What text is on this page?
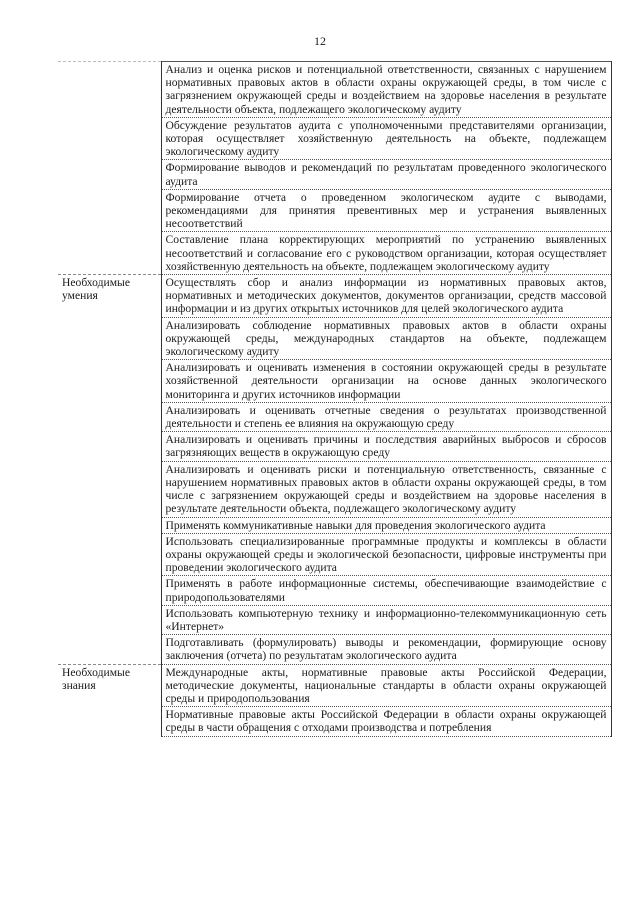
12
	Анализ и оценка рисков и потенциальной ответственности, связанных с нарушением нормативных правовых актов в области охраны окружающей среды, в том числе с загрязнением окружающей среды и воздействием на здоровье населения в результате деятельности объекта, подлежащего экологическому аудиту
	Обсуждение результатов аудита с уполномоченными представителями организации, которая осуществляет хозяйственную деятельность на объекте, подлежащем экологическому аудиту
	Формирование выводов и рекомендаций по результатам проведенного экологического аудита
	Формирование отчета о проведенном экологическом аудите с выводами, рекомендациями для принятия превентивных мер и устранения выявленных несоответствий
	Составление плана корректирующих мероприятий по устранению выявленных несоответствий и согласование его с руководством организации, которая осуществляет хозяйственную деятельность на объекте, подлежащем экологическому аудиту
Необходимые умения	Осуществлять сбор и анализ информации из нормативных правовых актов, нормативных и методических документов, документов организации, средств массовой информации и из других открытых источников для целей экологического аудита
	Анализировать соблюдение нормативных правовых актов в области охраны окружающей среды, международных стандартов на объекте, подлежащем экологическому аудиту
	Анализировать и оценивать изменения в состоянии окружающей среды в результате хозяйственной деятельности организации на основе данных экологического мониторинга и других источников информации
	Анализировать и оценивать отчетные сведения о результатах производственной деятельности и степень ее влияния на окружающую среду
	Анализировать и оценивать причины и последствия аварийных выбросов и сбросов загрязняющих веществ в окружающую среду
	Анализировать и оценивать риски и потенциальную ответственность, связанные с нарушением нормативных правовых актов в области охраны окружающей среды, в том числе с загрязнением окружающей среды и воздействием на здоровье населения в результате деятельности объекта, подлежащего экологическому аудиту
	Применять коммуникативные навыки для проведения экологического аудита
	Использовать специализированные программные продукты и комплексы в области охраны окружающей среды и экологической безопасности, цифровые инструменты при проведении экологического аудита
	Применять в работе информационные системы, обеспечивающие взаимодействие с природопользователями
	Использовать компьютерную технику и информационно-телекоммуникационную сеть «Интернет»
	Подготавливать (формулировать) выводы и рекомендации, формирующие основу заключения (отчета) по результатам экологического аудита
Необходимые знания	Международные акты, нормативные правовые акты Российской Федерации, методические документы, национальные стандарты в области охраны окружающей среды и природопользования
	Нормативные правовые акты Российской Федерации в области охраны окружающей среды в части обращения с отходами производства и потребления
